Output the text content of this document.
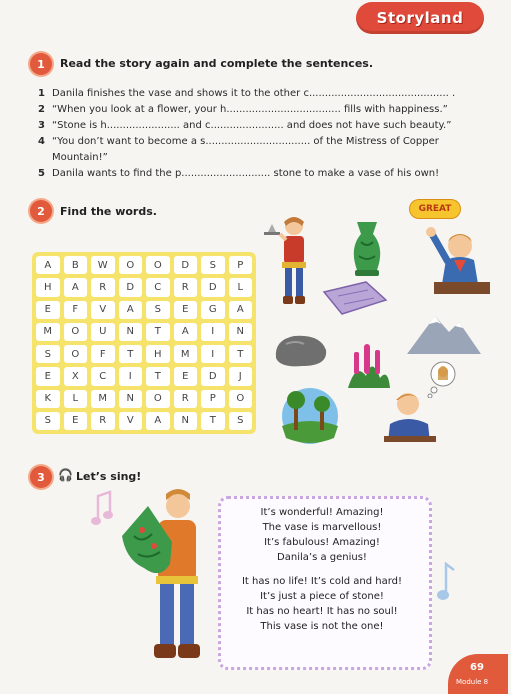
Storyland
1	Read the story again and complete the sentences.
1 Danila finishes the vase and shows it to the other c............................................ .
2 “When you look at a flower, your h.................................... fills with happiness.”
3 “Stone is h....................... and c....................... and does not have such beauty.”
4 “You don’t want to become a s................................. of the Mistress of Copper
Mountain!”
5 Danila wants to find the p............................ stone to make a vase of his own!
2	Find the words.
A	B	W	O	O	D	S	P
H	A	R	D	C	R	D	L
E	F	V	A	S	E	G	A
M	O	U	N	T	A	I	N
S	O	F	T	H	M	I	T
E	X	C	I	T	E	D	J
K	L	M	N	O	R	P	O
S	E	R	V	A	N	T	S
GREAT
3	🎧 Let’s sing!
It’s wonderful! Amazing!
The vase is marvellous!
It’s fabulous! Amazing!
Danila’s a genius!
It has no life! It’s cold and hard!
It’s just a piece of stone!
It has no heart! It has no soul!
This vase is not the one!
69
Module 8
